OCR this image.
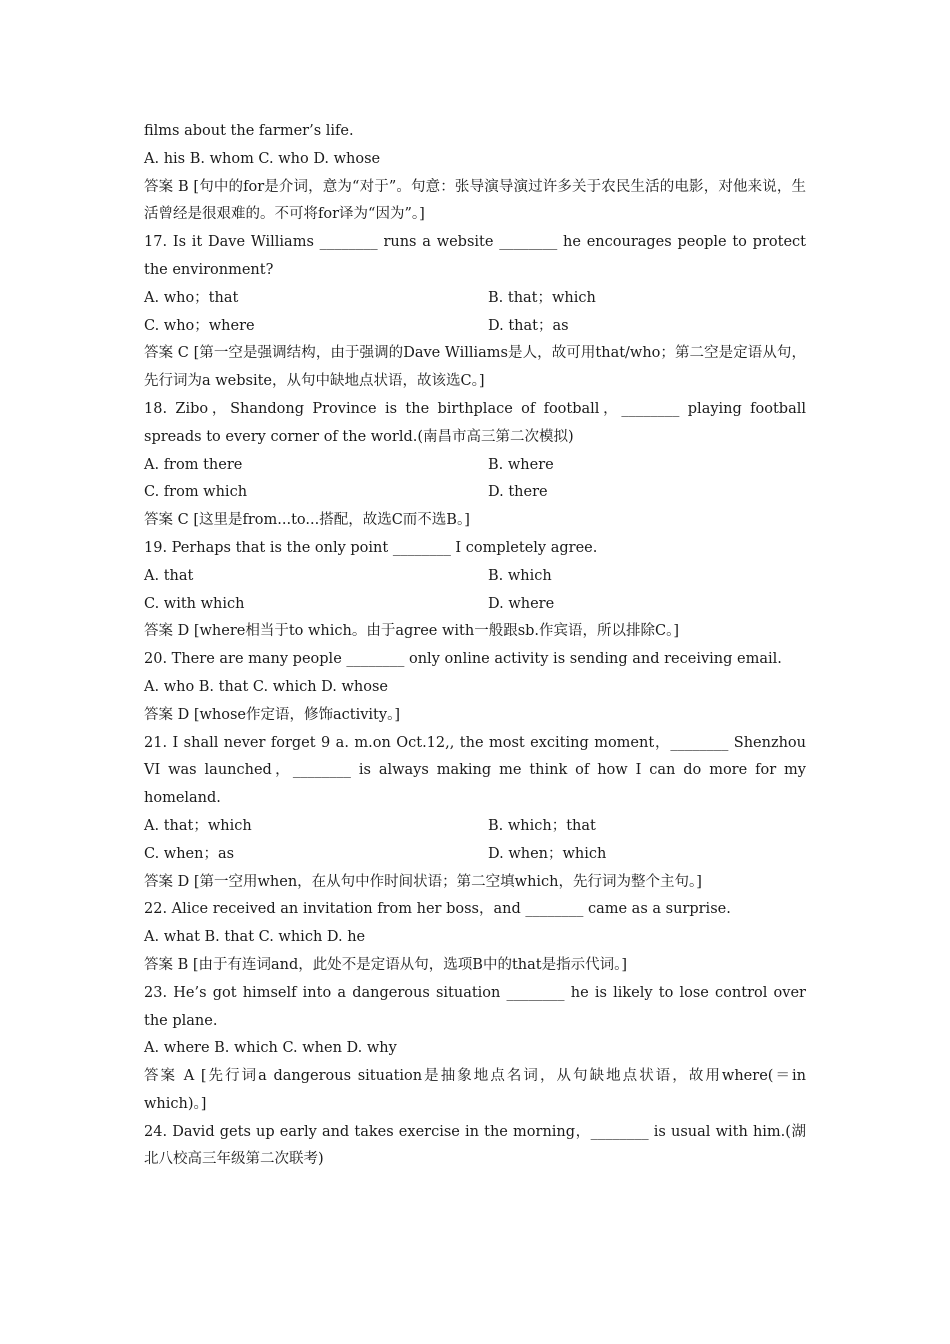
films about the farmer’s life.

A. his B. whom C. who D. whose

答案 B [句中的for是介词，意为“对于”。句意：张导演导演过许多关于农民生活的电影，对他来说，生活曾经是很艰难的。不可将for译为“因为”。]

17. Is it Dave Williams ________ runs a website ________ he encourages people to protect the environment?

A. who；that	B. that；which
C. who；where	D. that；as

答案 C [第一空是强调结构，由于强调的Dave Williams是人，故可用that/who；第二空是定语从句，先行词为a website，从句中缺地点状语，故该选C。]

18. Zibo，Shandong Province is the birthplace of football，________ playing football spreads to every corner of the world.(南昌市高三第二次模拟)

A. from there	B. where
C. from which	D. there

答案 C [这里是from...to...搭配，故选C而不选B。]

19. Perhaps that is the only point ________ I completely agree.

A. that	B. which
C. with which	D. where

答案 D [where相当于to which。由于agree with一般跟sb.作宾语，所以排除C。]

20. There are many people ________ only online activity is sending and receiving email.

A. who B. that C. which D. whose

答案 D [whose作定语，修饰activity。]

21. I shall never forget 9 a. m.on Oct.12,, the most exciting moment，________ Shenzhou VI was launched，________ is always making me think of how I can do more for my homeland.

A. that；which	B. which；that
C. when；as	D. when；which

答案 D [第一空用when，在从句中作时间状语；第二空填which，先行词为整个主句。]

22. Alice received an invitation from her boss，and ________ came as a surprise.

A. what B. that C. which D. he

答案 B [由于有连词and，此处不是定语从句，选项B中的that是指示代词。]

23. He’s got himself into a dangerous situation ________ he is likely to lose control over the plane.

A. where B. which C. when D. why

答案 A [先行词a dangerous situation是抽象地点名词，从句缺地点状语，故用where(＝in which)。]

24. David gets up early and takes exercise in the morning，________ is usual with him.(湖北八校高三年级第二次联考)
